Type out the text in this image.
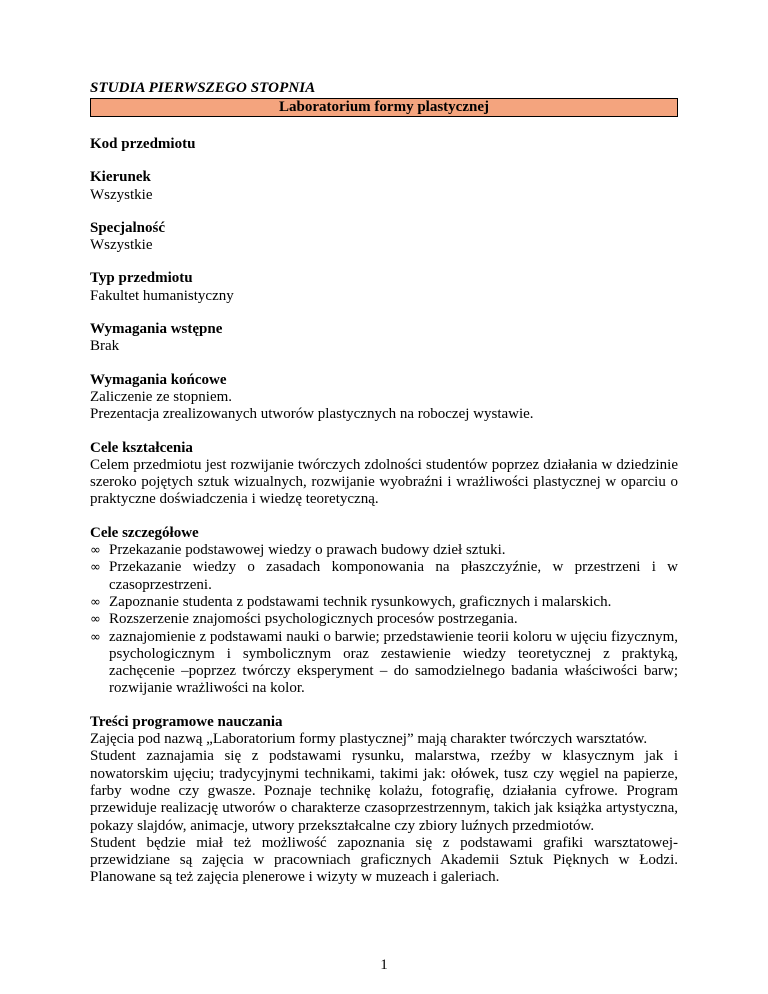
STUDIA PIERWSZEGO STOPNIA
Laboratorium formy plastycznej
Kod przedmiotu
Kierunek

Wszystkie

Specjalność

Wszystkie

Typ przedmiotu

Fakultet humanistyczny

Wymagania wstępne

Brak

Wymagania końcowe

Zaliczenie ze stopniem.

Prezentacja zrealizowanych utworów plastycznych na roboczej wystawie.

Cele kształcenia

Celem przedmiotu jest rozwijanie twórczych zdolności studentów poprzez działania w dziedzinie szeroko pojętych sztuk wizualnych, rozwijanie wyobraźni i wrażliwości plastycznej w oparciu o praktyczne doświadczenia i wiedzę teoretyczną.

Cele szczegółowe
∞ Przekazanie podstawowej wiedzy o prawach budowy dzieł sztuki.
∞ Przekazanie wiedzy o zasadach komponowania na płaszczyźnie, w przestrzeni i w czasoprzestrzeni.
∞ Zapoznanie studenta z podstawami technik rysunkowych, graficznych i malarskich.
∞ Rozszerzenie znajomości psychologicznych procesów postrzegania.
∞ zaznajomienie z podstawami nauki o barwie; przedstawienie teorii koloru w ujęciu fizycznym, psychologicznym i symbolicznym oraz zestawienie wiedzy teoretycznej z praktyką, zachęcenie –poprzez twórczy eksperyment – do samodzielnego badania właściwości barw; rozwijanie wrażliwości na kolor.
Treści programowe nauczania

Zajęcia pod nazwą „Laboratorium formy plastycznej” mają charakter twórczych warsztatów.

Student zaznajamia się z podstawami rysunku, malarstwa, rzeźby w klasycznym jak i nowatorskim ujęciu; tradycyjnymi technikami, takimi jak: ołówek, tusz czy węgiel na papierze, farby wodne czy gwasze. Poznaje technikę kolażu, fotografię, działania cyfrowe. Program przewiduje realizację utworów o charakterze czasoprzestrzennym, takich jak książka artystyczna, pokazy slajdów, animacje, utwory przekształcalne czy zbiory luźnych przedmiotów.

Student będzie miał też możliwość zapoznania się z podstawami grafiki warsztatowej-przewidziane są zajęcia w pracowniach graficznych Akademii Sztuk Pięknych w Łodzi. Planowane są też zajęcia plenerowe i wizyty w muzeach i galeriach.

1
